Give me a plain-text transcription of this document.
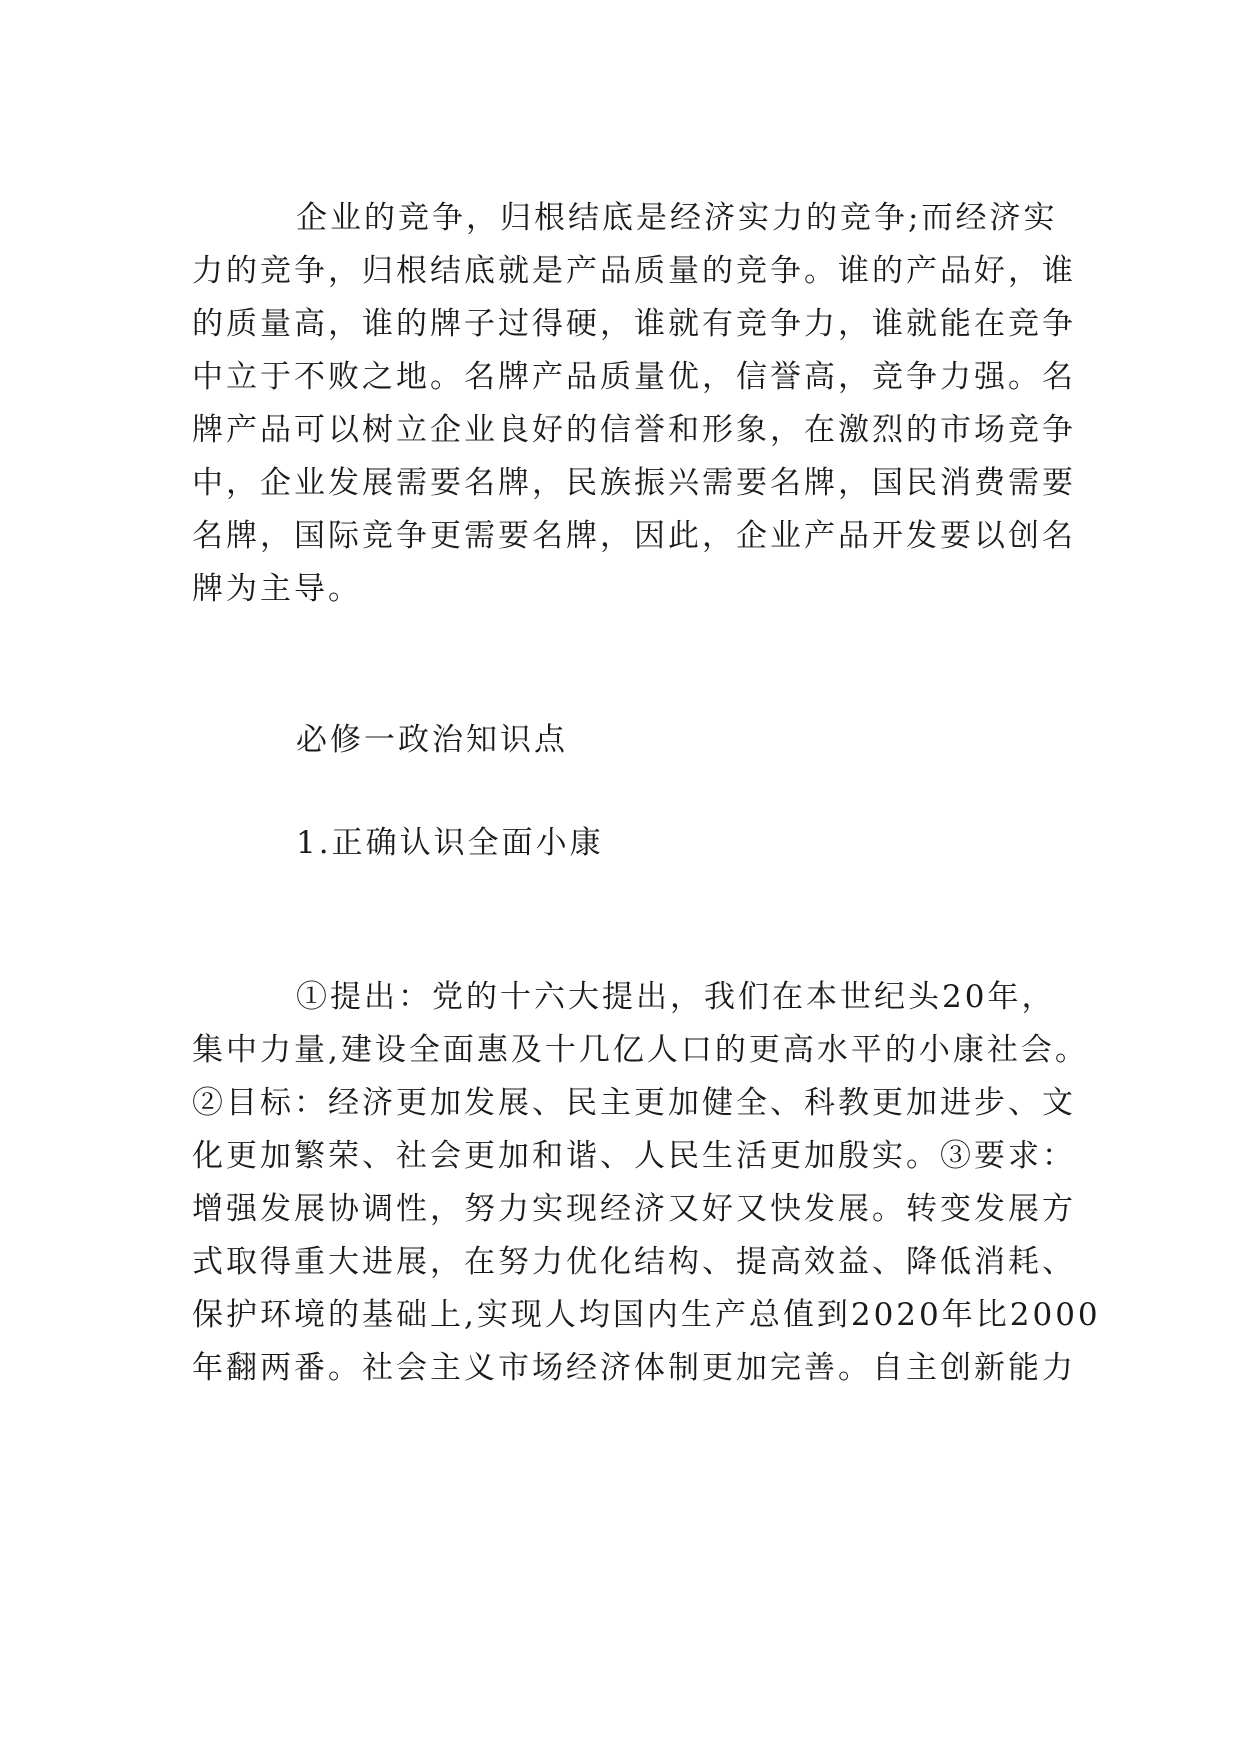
企业的竞争，归根结底是经济实力的竞争;而经济实
力的竞争，归根结底就是产品质量的竞争。谁的产品好，谁
的质量高，谁的牌子过得硬，谁就有竞争力，谁就能在竞争
中立于不败之地。名牌产品质量优，信誉高，竞争力强。名
牌产品可以树立企业良好的信誉和形象，在激烈的市场竞争
中，企业发展需要名牌，民族振兴需要名牌，国民消费需要
名牌，国际竞争更需要名牌，因此，企业产品开发要以创名
牌为主导。
必修一政治知识点
1.正确认识全面小康
①提出：党的十六大提出，我们在本世纪头20年，
集中力量,建设全面惠及十几亿人口的更高水平的小康社会。
②目标：经济更加发展、民主更加健全、科教更加进步、文
化更加繁荣、社会更加和谐、人民生活更加殷实。③要求：
增强发展协调性，努力实现经济又好又快发展。转变发展方
式取得重大进展，在努力优化结构、提高效益、降低消耗、
保护环境的基础上,实现人均国内生产总值到2020年比2000
年翻两番。社会主义市场经济体制更加完善。自主创新能力
